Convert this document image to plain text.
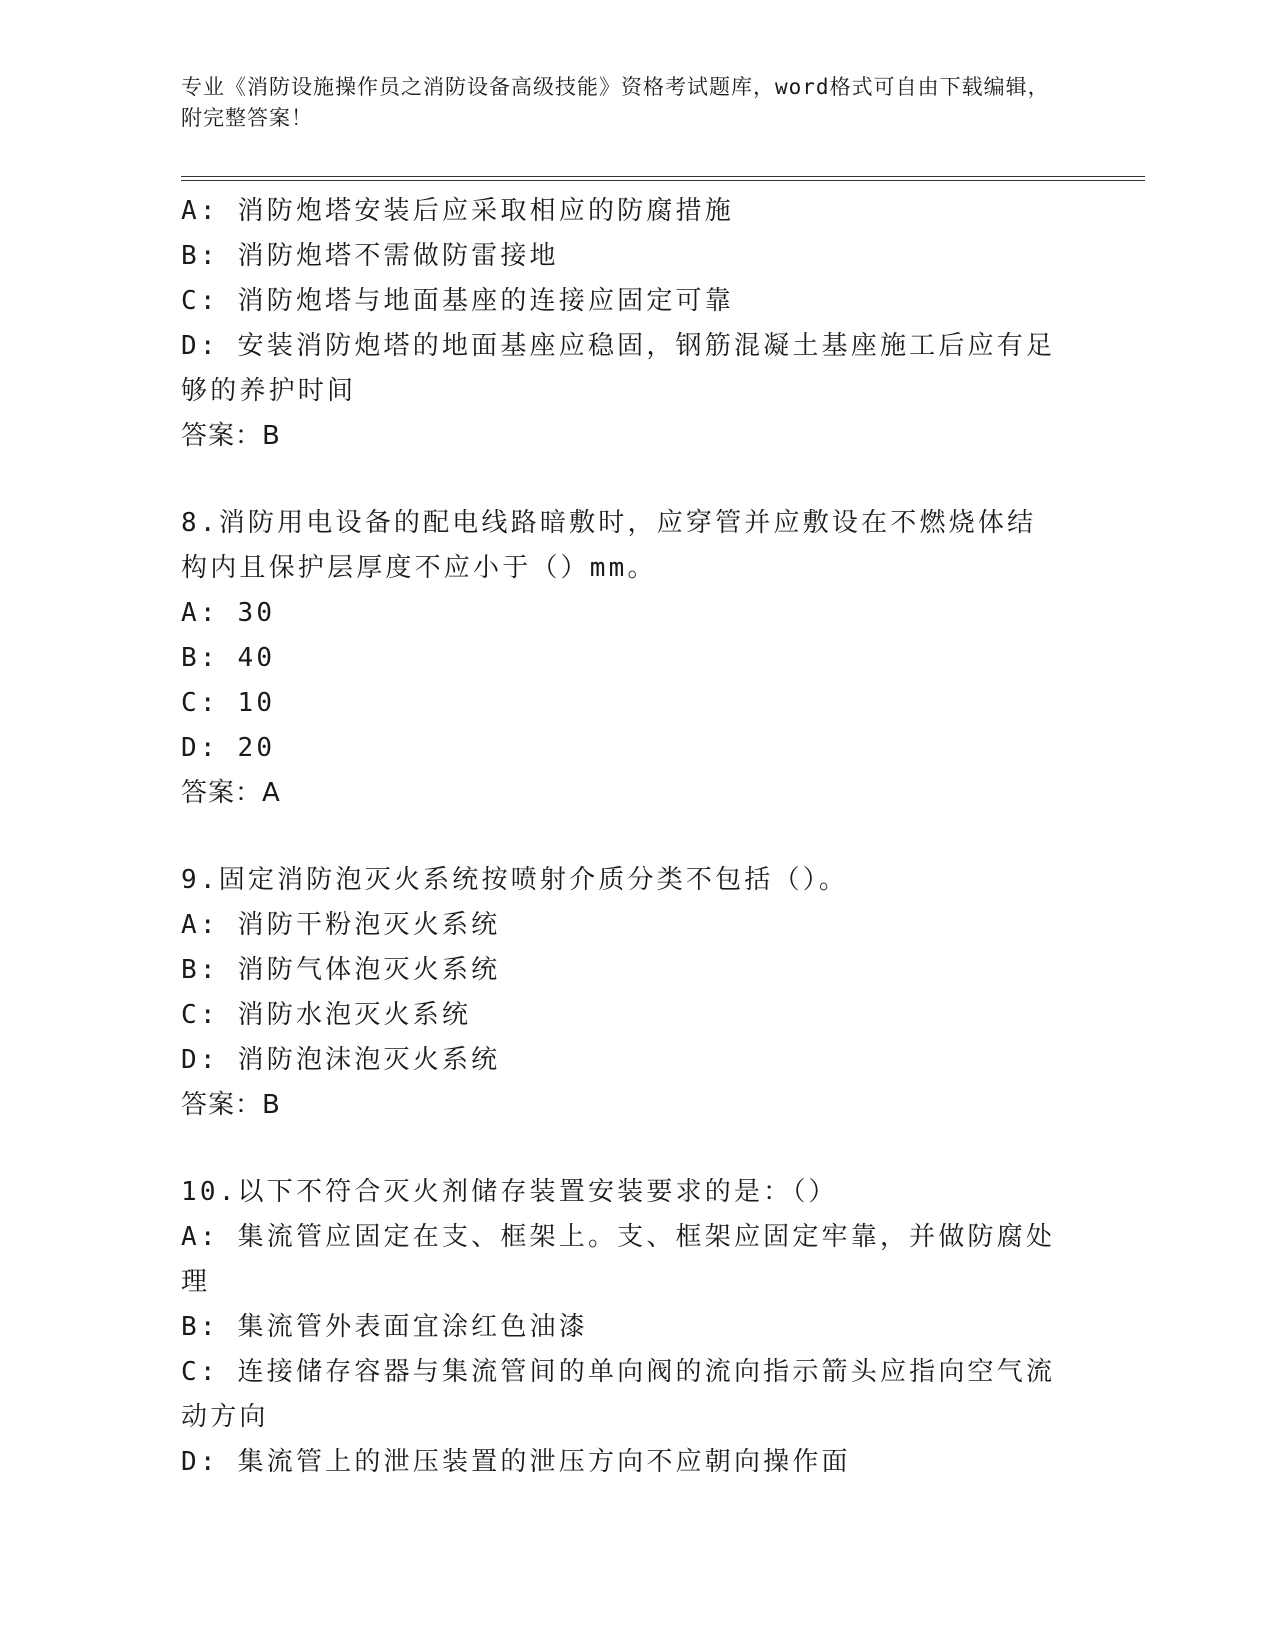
专业《消防设施操作员之消防设备高级技能》资格考试题库，word格式可自由下载编辑，附完整答案！

A: 消防炮塔安装后应采取相应的防腐措施

B: 消防炮塔不需做防雷接地

C: 消防炮塔与地面基座的连接应固定可靠

D: 安装消防炮塔的地面基座应稳固，钢筋混凝土基座施工后应有足够的养护时间

答案：B

8.消防用电设备的配电线路暗敷时，应穿管并应敷设在不燃烧体结构内且保护层厚度不应小于（）mm。

A: 30

B: 40

C: 10

D: 20

答案：A

9.固定消防泡灭火系统按喷射介质分类不包括（）。

A: 消防干粉泡灭火系统

B: 消防气体泡灭火系统

C: 消防水泡灭火系统

D: 消防泡沫泡灭火系统

答案：B

10.以下不符合灭火剂储存装置安装要求的是：（）

A: 集流管应固定在支、框架上。支、框架应固定牢靠，并做防腐处理

B: 集流管外表面宜涂红色油漆

C: 连接储存容器与集流管间的单向阀的流向指示箭头应指向空气流动方向

D: 集流管上的泄压装置的泄压方向不应朝向操作面
